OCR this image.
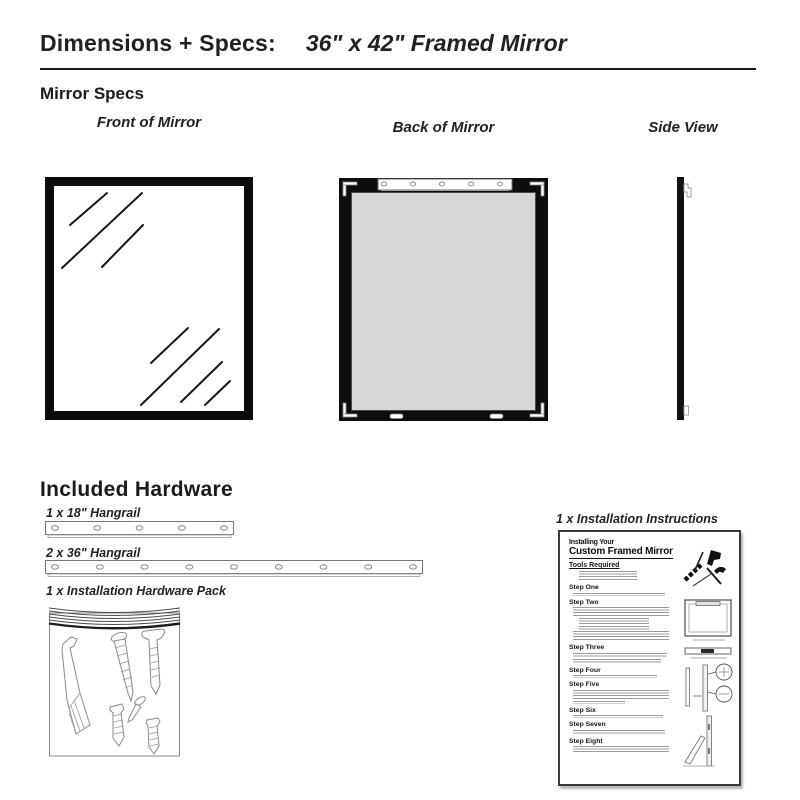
Dimensions + Specs: 36" x 42" Framed Mirror
Mirror Specs
Front of Mirror	Back of Mirror	Side View
Included Hardware
1 x 18" Hangrail
2 x 36" Hangrail
1 x Installation Hardware Pack
1 x Installation Instructions
Installing Your
Custom Framed Mirror
Tools Required
Step One
Step Two
Step Three
Step Four
Step Five
Step Six
Step Seven
Step Eight
